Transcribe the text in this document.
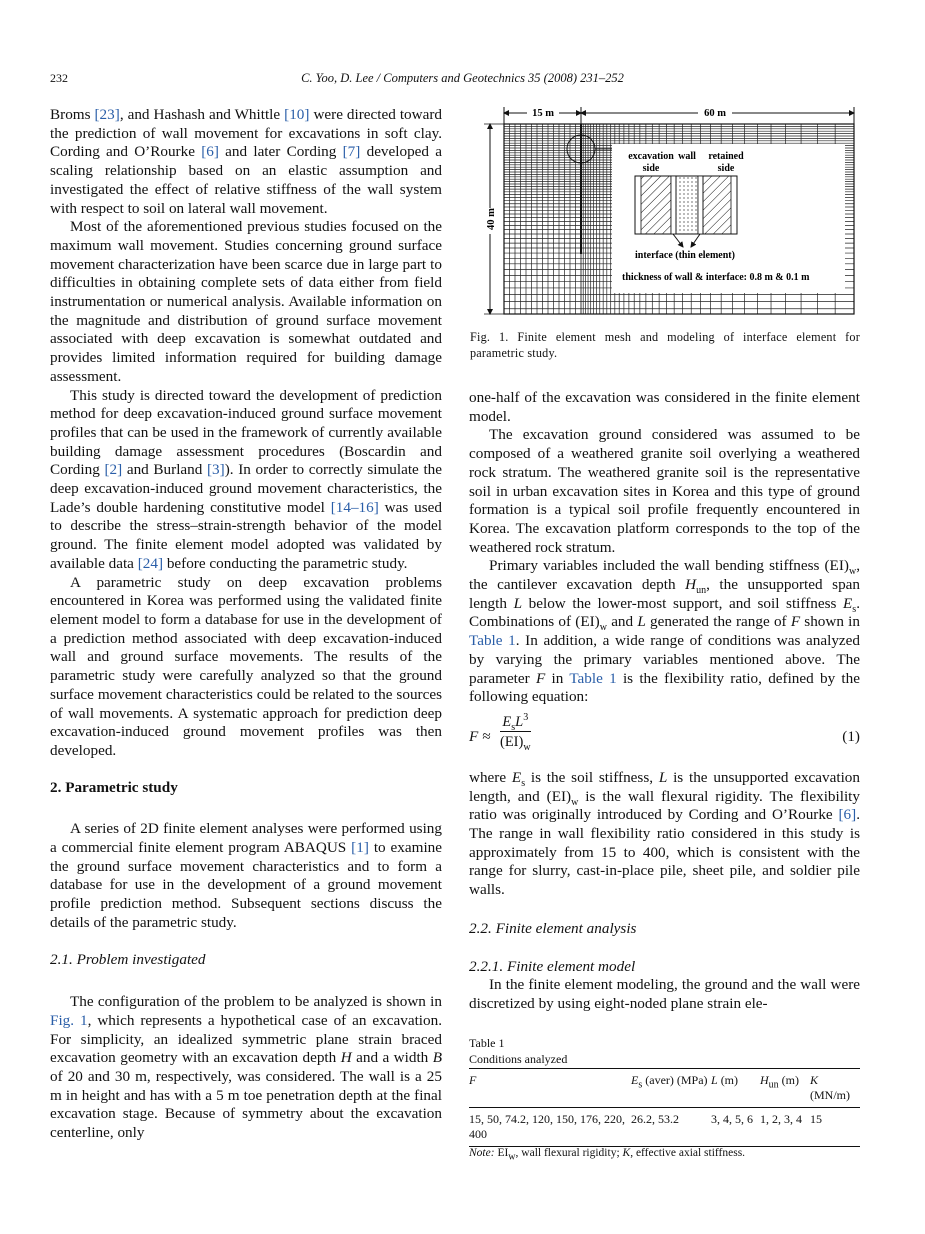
232	C. Yoo, D. Lee / Computers and Geotechnics 35 (2008) 231–252

Broms [23], and Hashash and Whittle [10] were directed toward the prediction of wall movement for excavations in soft clay. Cording and O’Rourke [6] and later Cording [7] developed a scaling relationship based on an elastic assumption and investigated the effect of relative stiffness of the wall system with respect to soil on lateral wall movement.

Most of the aforementioned previous studies focused on the maximum wall movement. Studies concerning ground surface movement characterization have been scarce due in large part to difficulties in obtaining complete sets of data either from field instrumentation or numerical analysis. Available information on the magnitude and distribution of ground surface movement associated with deep excavation is somewhat outdated and provides limited information required for building damage assessment.

This study is directed toward the development of prediction method for deep excavation-induced ground surface movement profiles that can be used in the framework of currently available building damage assessment procedures (Boscardin and Cording [2] and Burland [3]). In order to correctly simulate the deep excavation-induced ground movement characteristics, the Lade’s double hardening constitutive model [14–16] was used to describe the stress–strain-strength behavior of the model ground. The finite element model adopted was validated by available data [24] before conducting the parametric study.

A parametric study on deep excavation problems encountered in Korea was performed using the validated finite element model to form a database for use in the development of a prediction method associated with deep excavation-induced wall and ground surface movements. The results of the parametric study were carefully analyzed so that the ground surface movement characteristics could be related to the sources of wall movements. A systematic approach for prediction deep excavation-induced ground movement profiles was then developed.

2. Parametric study

A series of 2D finite element analyses were performed using a commercial finite element program ABAQUS [1] to examine the ground surface movement characteristics and to form a database for use in the development of a ground movement profile prediction method. Subsequent sections discuss the details of the parametric study.

2.1. Problem investigated

The configuration of the problem to be analyzed is shown in Fig. 1, which represents a hypothetical case of an excavation. For simplicity, an idealized symmetric plane strain braced excavation geometry with an excavation depth H and a width B of 20 and 30 m, respectively, was considered. The wall is a 25 m in height and has with a 5 m toe penetration depth at the final excavation stage. Because of symmetry about the excavation centerline, only

15 m	60 m
40 m
excavation
side
wall retained
side
interface (thin element)
thickness of wall & interface: 0.8 m & 0.1 m
Fig. 1. Finite element mesh and modeling of interface element for parametric study.

one-half of the excavation was considered in the finite element model.

The excavation ground considered was assumed to be composed of a weathered granite soil overlying a weathered rock stratum. The weathered granite soil is the representative soil in urban excavation sites in Korea and this type of ground formation is a typical soil profile frequently encountered in Korea. The excavation platform corresponds to the top of the weathered rock stratum.

Primary variables included the wall bending stiffness $(EI)_w$, the cantilever excavation depth $H_{un}$, the unsupported span length L below the lower-most support, and soil stiffness $E_s$. Combinations of $(EI)_w$ and L generated the range of F shown in Table 1. In addition, a wide range of conditions was analyzed by varying the primary variables mentioned above. The parameter F in Table 1 is the flexibility ratio, defined by the following equation:

F ≈
$E_sL^3$
$(EI)_w$
(1)

where $E_s$ is the soil stiffness, L is the unsupported excavation length, and $(EI)_w$ is the wall flexural rigidity. The flexibility ratio was originally introduced by Cording and O’Rourke [6]. The range in wall flexibility ratio considered in this study is approximately from 15 to 400, which is consistent with the range for slurry, cast-in-place pile, sheet pile, and soldier pile walls.

2.2. Finite element analysis

2.2.1. Finite element model

In the finite element modeling, the ground and the wall were discretized by using eight-noded plane strain ele-

Table 1
Conditions analyzed
F	$E_s$ (aver) (MPa)	L (m)	$H_{un}$ (m)	K (MN/m)
15, 50, 74.2, 120, 150, 176, 220, 400	26.2, 53.2	3, 4, 5, 6	1, 2, 3, 4	15
Note: $EI_w$, wall flexural rigidity; K, effective axial stiffness.
